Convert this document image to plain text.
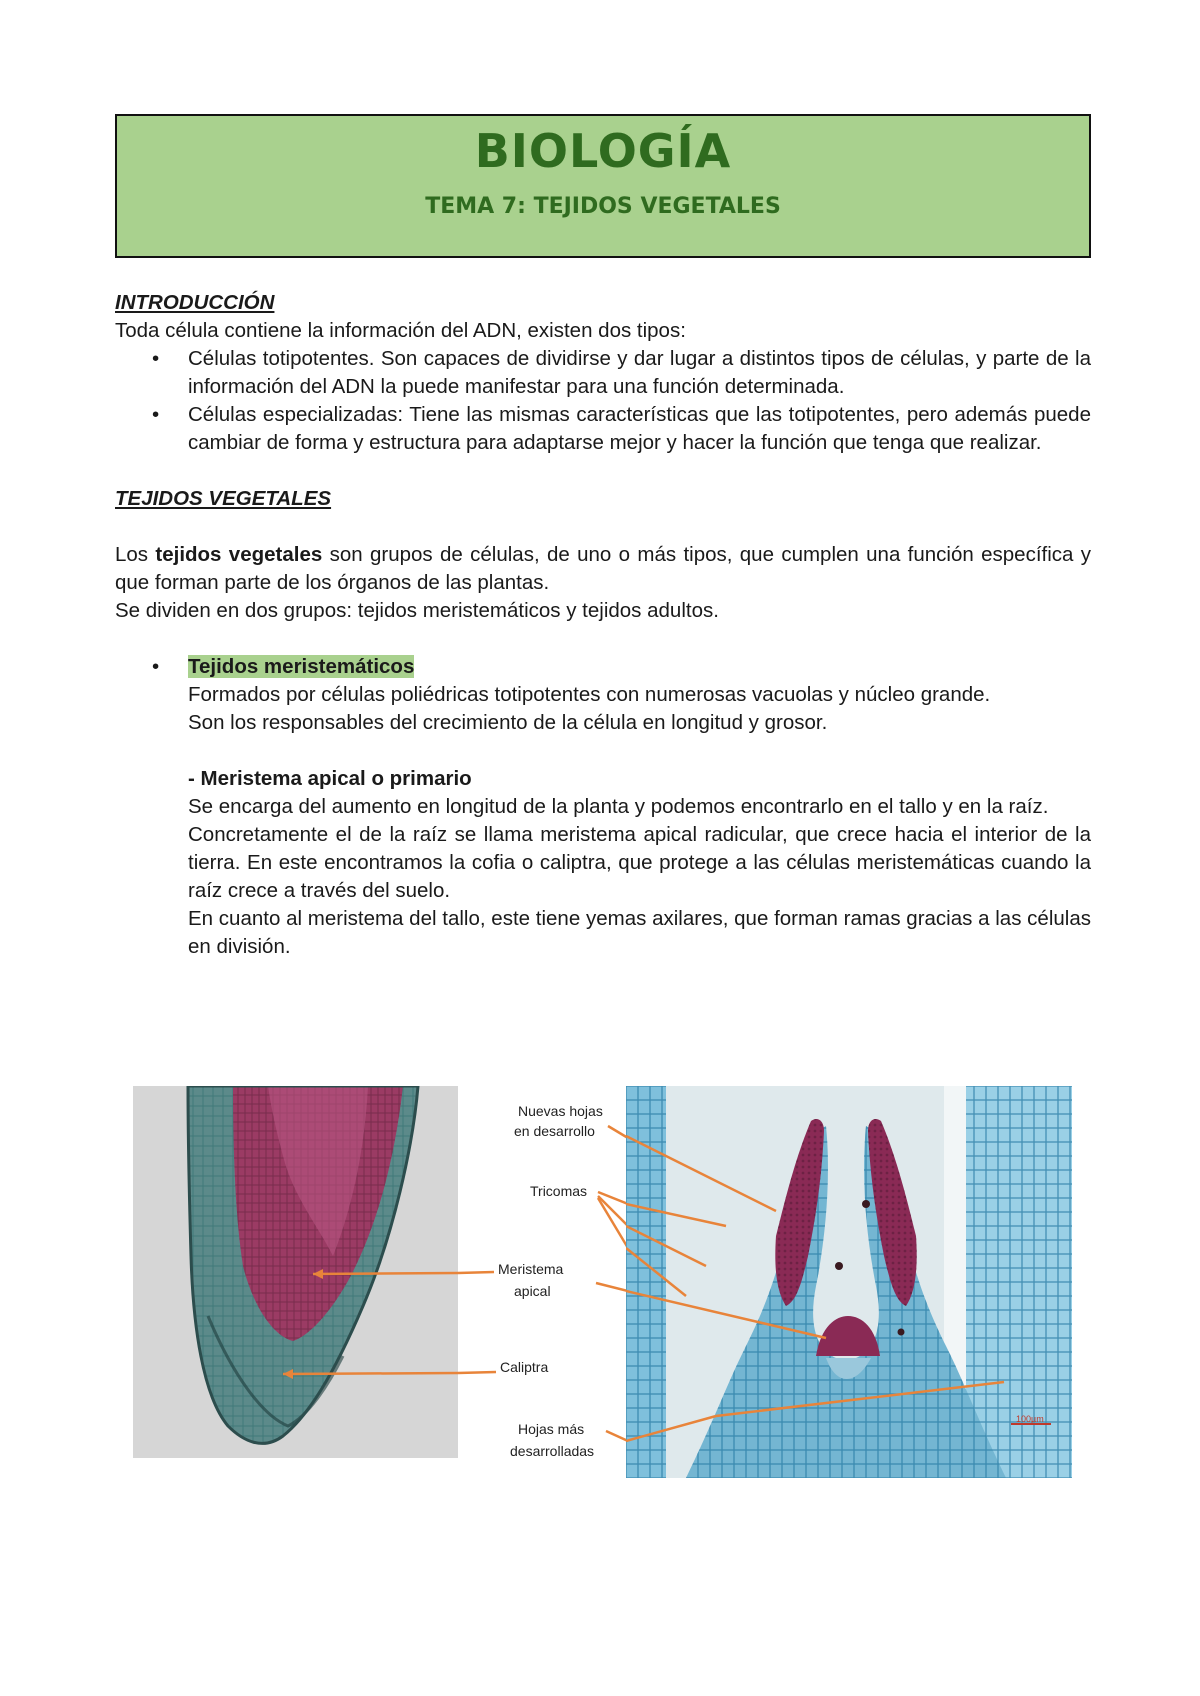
BIOLOGÍA
TEMA 7: TEJIDOS VEGETALES

INTRODUCCIÓN

Toda célula contiene la información del ADN, existen dos tipos:

• Células totipotentes. Son capaces de dividirse y dar lugar a distintos tipos de células, y parte de la información del ADN la puede manifestar para una función determinada.
• Células especializadas: Tiene las mismas características que las totipotentes, pero además puede cambiar de forma y estructura para adaptarse mejor y hacer la función que tenga que realizar.

TEJIDOS VEGETALES

Los tejidos vegetales son grupos de células, de uno o más tipos, que cumplen una función específica y que forman parte de los órganos de las plantas.

Se dividen en dos grupos: tejidos meristemáticos y tejidos adultos.

• Tejidos meristemáticos

Formados por células poliédricas totipotentes con numerosas vacuolas y núcleo grande.

Son los responsables del crecimiento de la célula en longitud y grosor.

- Meristema apical o primario

Se encarga del aumento en longitud de la planta y podemos encontrarlo en el tallo y en la raíz.

Concretamente el de la raíz se llama meristema apical radicular, que crece hacia el interior de la tierra. En este encontramos la cofia o caliptra, que protege a las células meristemáticas cuando la raíz crece a través del suelo.

En cuanto al meristema del tallo, este tiene yemas axilares, que forman ramas gracias a las células en división.

Nuevas hojas
en desarrollo
Tricomas
Meristema
apical
Caliptra
Hojas más
desarrolladas
100µm
